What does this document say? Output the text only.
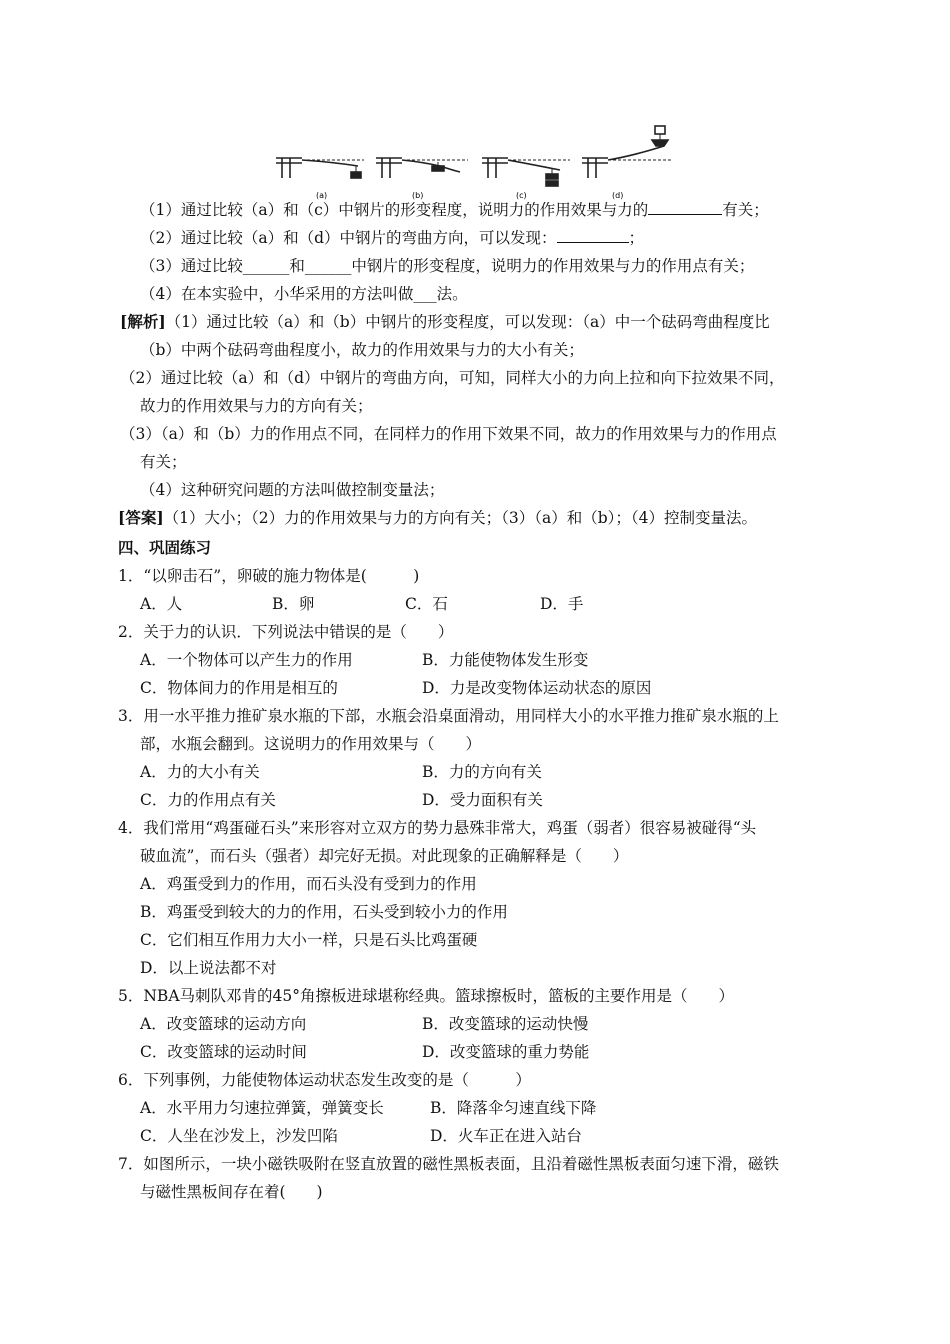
(a)	(b)	(c)	(d)
（1）通过比较（a）和（c）中钢片的形变程度，说明力的作用效果与力的	有关；
（2）通过比较（a）和（d）中钢片的弯曲方向，可以发现：	；
（3）通过比较______和______中钢片的形变程度，说明力的作用效果与力的作用点有关；
（4）在本实验中，小华采用的方法叫做___法。
[解析]（1）通过比较（a）和（b）中钢片的形变程度，可以发现：（a）中一个砝码弯曲程度比
（b）中两个砝码弯曲程度小，故力的作用效果与力的大小有关；
（2）通过比较（a）和（d）中钢片的弯曲方向，可知，同样大小的力向上拉和向下拉效果不同，
故力的作用效果与力的方向有关；
（3）（a）和（b）力的作用点不同，在同样力的作用下效果不同，故力的作用效果与力的作用点
有关；
（4）这种研究问题的方法叫做控制变量法；
[答案]（1）大小；（2）力的作用效果与力的方向有关；（3）（a）和（b）；（4）控制变量法。
四、巩固练习
1．“以卵击石”，卵破的施力物体是(　　　)
A．人	B．卵	C．石	D．手
2．关于力的认识．下列说法中错误的是（　　）
A．一个物体可以产生力的作用	B．力能使物体发生形变
C．物体间力的作用是相互的	D．力是改变物体运动状态的原因
3．用一水平推力推矿泉水瓶的下部，水瓶会沿桌面滑动，用同样大小的水平推力推矿泉水瓶的上
部，水瓶会翻到。这说明力的作用效果与（　　）
A．力的大小有关	B．力的方向有关
C．力的作用点有关	D．受力面积有关
4．我们常用“鸡蛋碰石头”来形容对立双方的势力悬殊非常大，鸡蛋（弱者）很容易被碰得“头
破血流”，而石头（强者）却完好无损。对此现象的正确解释是（　　）
A．鸡蛋受到力的作用，而石头没有受到力的作用
B．鸡蛋受到较大的力的作用，石头受到较小力的作用
C．它们相互作用力大小一样，只是石头比鸡蛋硬
D．以上说法都不对
5．NBA马刺队邓肯的45°角擦板进球堪称经典。篮球擦板时，篮板的主要作用是（　　）
A．改变篮球的运动方向	B．改变篮球的运动快慢
C．改变篮球的运动时间	D．改变篮球的重力势能
6．下列事例，力能使物体运动状态发生改变的是（　　　）
A．水平用力匀速拉弹簧，弹簧变长	B．降落伞匀速直线下降
C．人坐在沙发上，沙发凹陷	D．火车正在进入站台
7．如图所示，一块小磁铁吸附在竖直放置的磁性黑板表面，且沿着磁性黑板表面匀速下滑，磁铁
与磁性黑板间存在着(　　)
